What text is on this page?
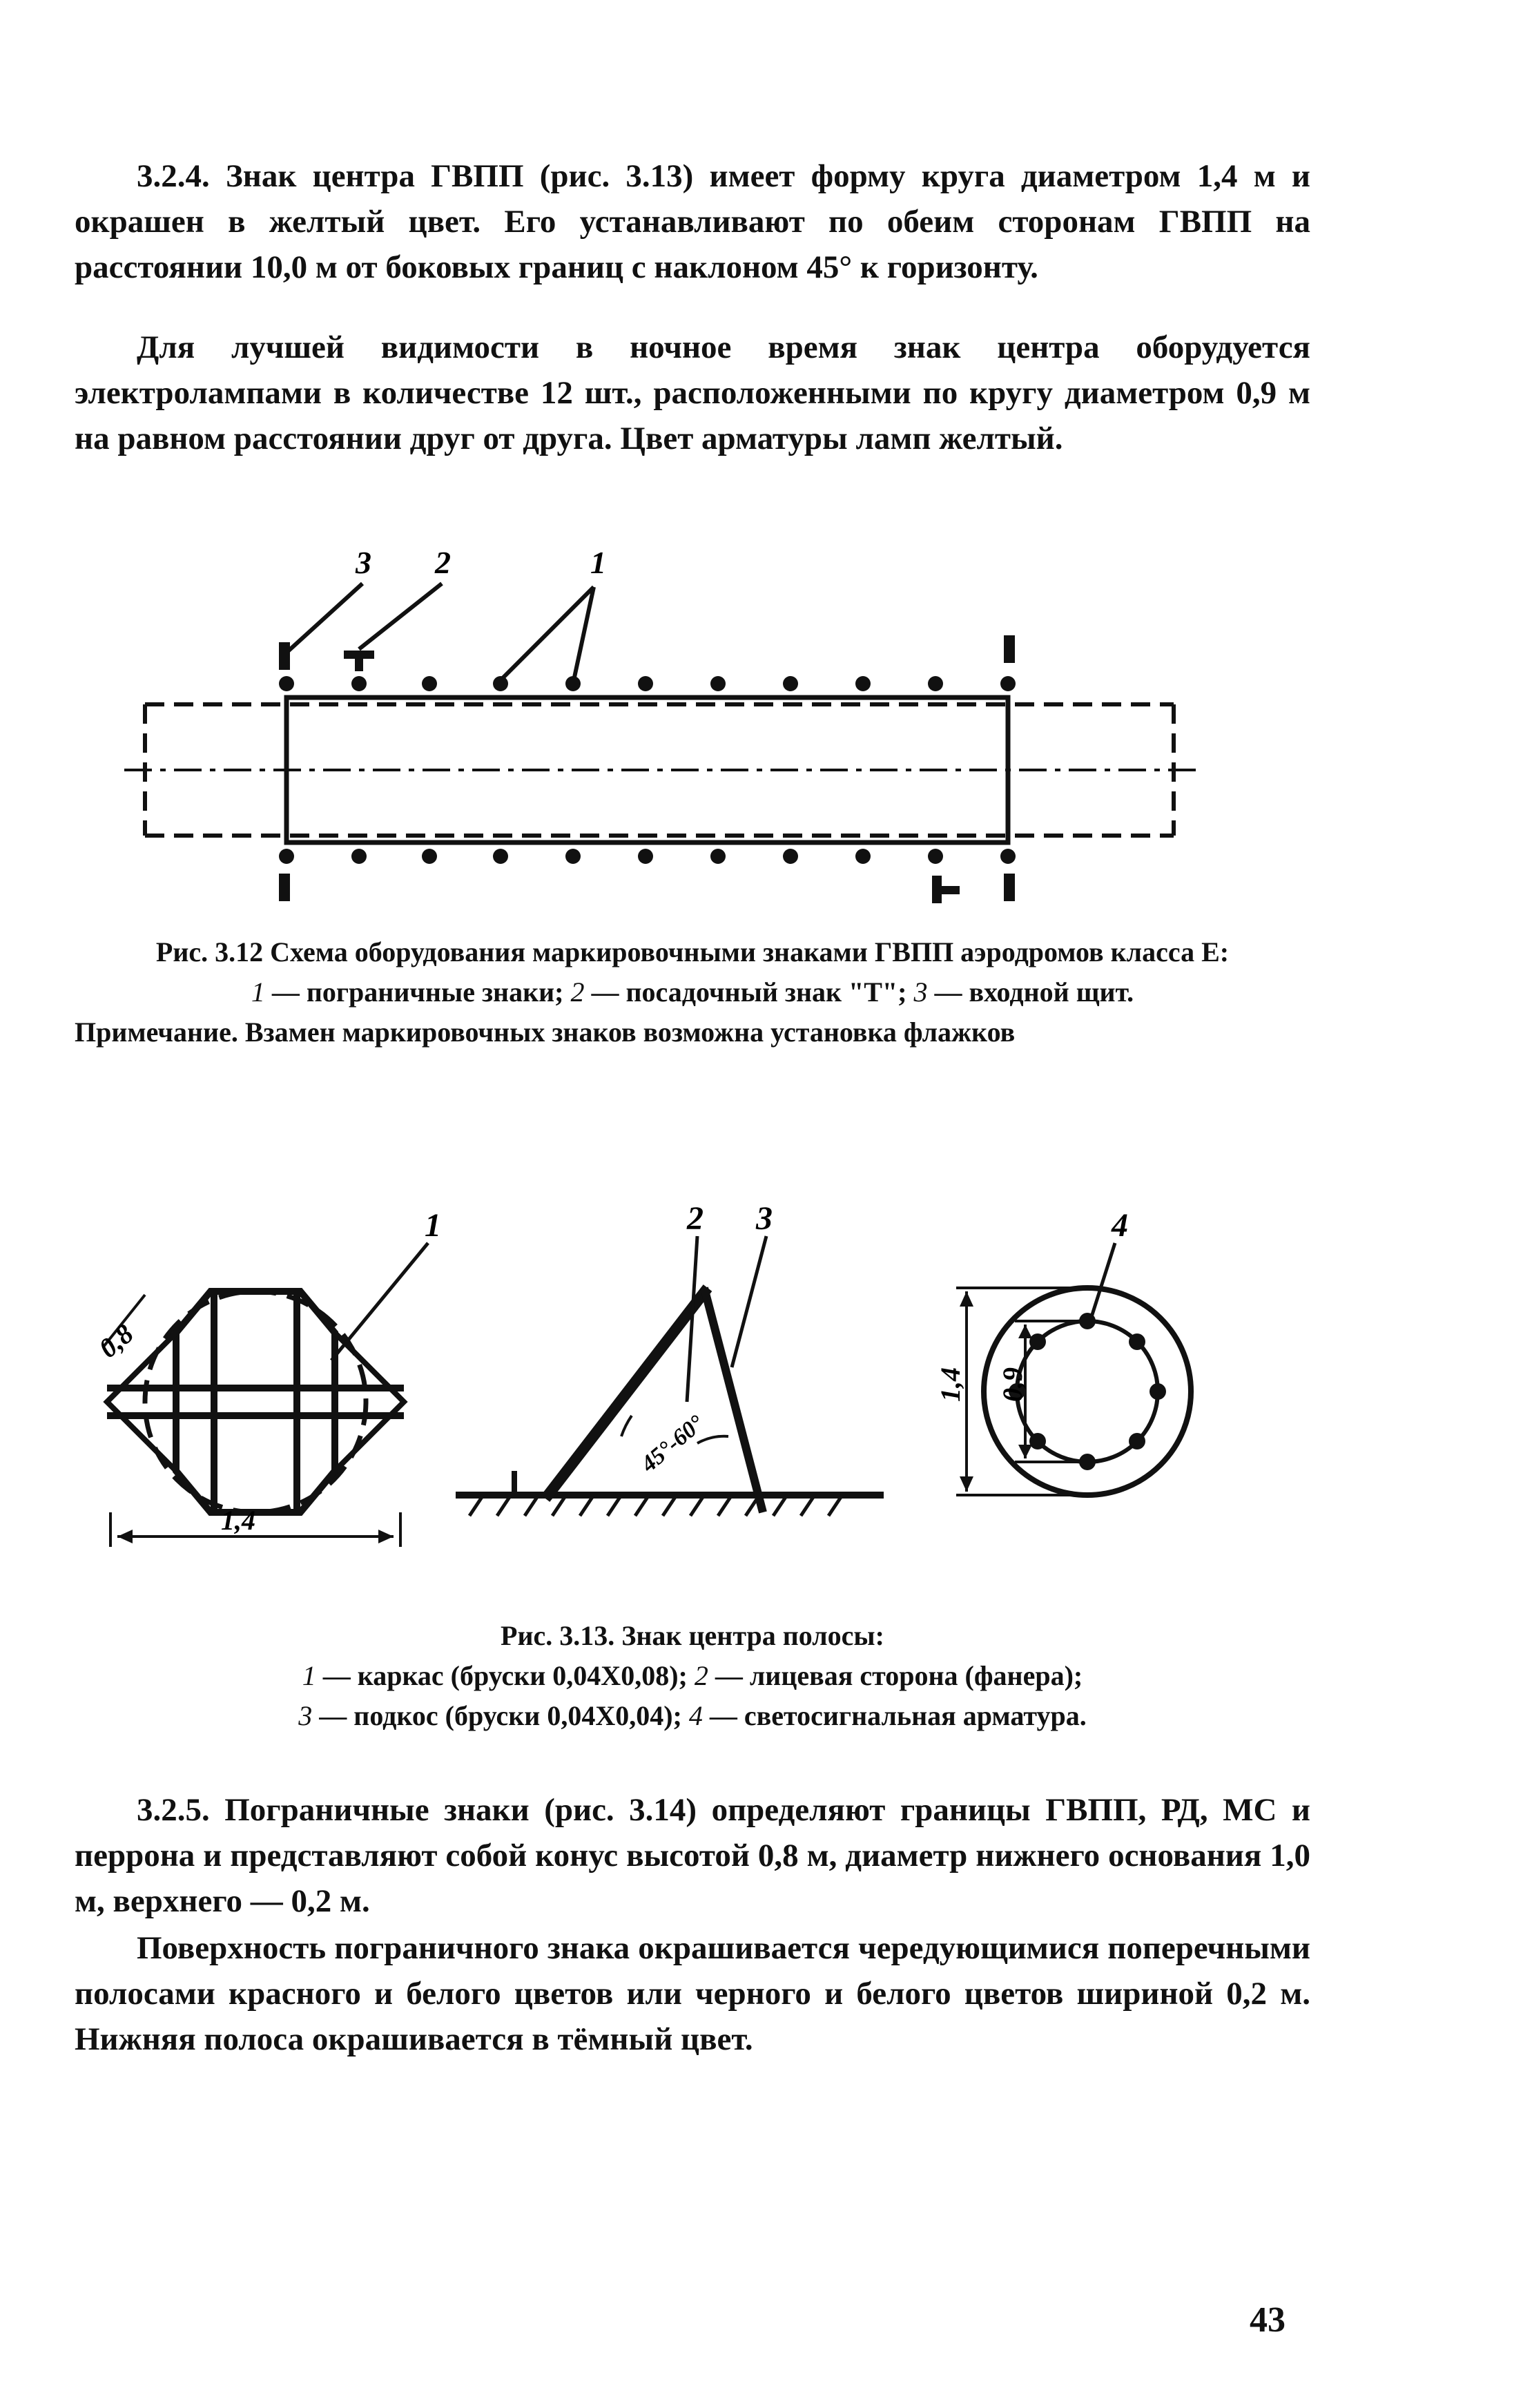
3.2.4. Знак центра ГВПП (рис. 3.13) имеет форму круга диаметром 1,4 м и окрашен в желтый цвет. Его устанавливают по обеим сторонам ГВПП на расстоянии 10,0 м от боковых границ с наклоном 45° к горизонту.

Для лучшей видимости в ночное время знак центра оборудуется электролампами в количестве 12 шт., расположенными по кругу диаметром 0,9 м на равном расстоянии друг от друга. Цвет арматуры ламп желтый.

3 2	1
Рис. 3.12 Схема оборудования маркировочными знаками ГВПП аэродромов класса Е:
1 — пограничные знаки; 2 — посадочный знак "Т"; 3 — входной щит.
Примечание. Взамен маркировочных знаков возможна установка флажков
1
0,8
1,4
45°-60°
2 3	4
1,4 0,9
Рис. 3.13. Знак центра полосы:
1 — каркас (бруски 0,04Х0,08); 2 — лицевая сторона (фанера);
3 — подкос (бруски 0,04Х0,04); 4 — светосигнальная арматура.

3.2.5. Пограничные знаки (рис. 3.14) определяют границы ГВПП, РД, МС и перрона и представляют собой конус высотой 0,8 м, диаметр нижнего основания 1,0 м, верхнего — 0,2 м.

Поверхность пограничного знака окрашивается чередующимися поперечными полосами красного и белого цветов или черного и белого цветов шириной 0,2 м. Нижняя полоса окрашивается в тёмный цвет.

43
